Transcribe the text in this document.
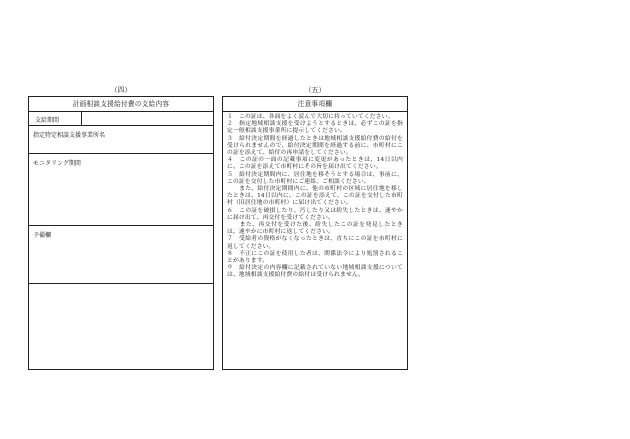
（四）	（五）
計画相談支援給付費の支給内容
支給期間
指定特定相談支援事業所名
モニタリング期間
予備欄
注意事項欄

１　この証は、各面をよく読んで大切に持っていてください。

２　指定地域相談支援を受けようとするときは、必ずこの証を指定一般相談支援事業所に提示してください。

３　給付決定期間を経過したときは地域相談支援給付費の給付を受けられませんので、給付決定期間を経過する前に、市町村にこの証を添えて、給付の再申請をしてください。

４　この証の一面の記載事項に変更があったときは、14日以内に、この証を添えて市町村にその旨を届け出てください。

５　給付決定期間内に、居住地を移そうとする場合は、事前に、この証を交付した市町村にご連絡、ご相談ください。

　　また、給付決定期間内に、他の市町村の区域に居住地を移したときは、14日以内に、この証を添えて、この証を交付した市町村（旧居住地の市町村）に届け出てください。

６　この証を破損したり、汚したり又は紛失したときは、速やかに届け出て、再交付を受けてください。

　　また、再交付を受けた後、紛失したこの証を発見したときは、速やかに市町村に返してください。

７　受給者の資格がなくなったときは、直ちにこの証を市町村に返してください。

８　不正にこの証を使用した者は、関係法令により処罰されることがあります。

９　給付決定の内容欄に記載されていない地域相談支援については、地域相談支援給付費の給付は受けられません。
